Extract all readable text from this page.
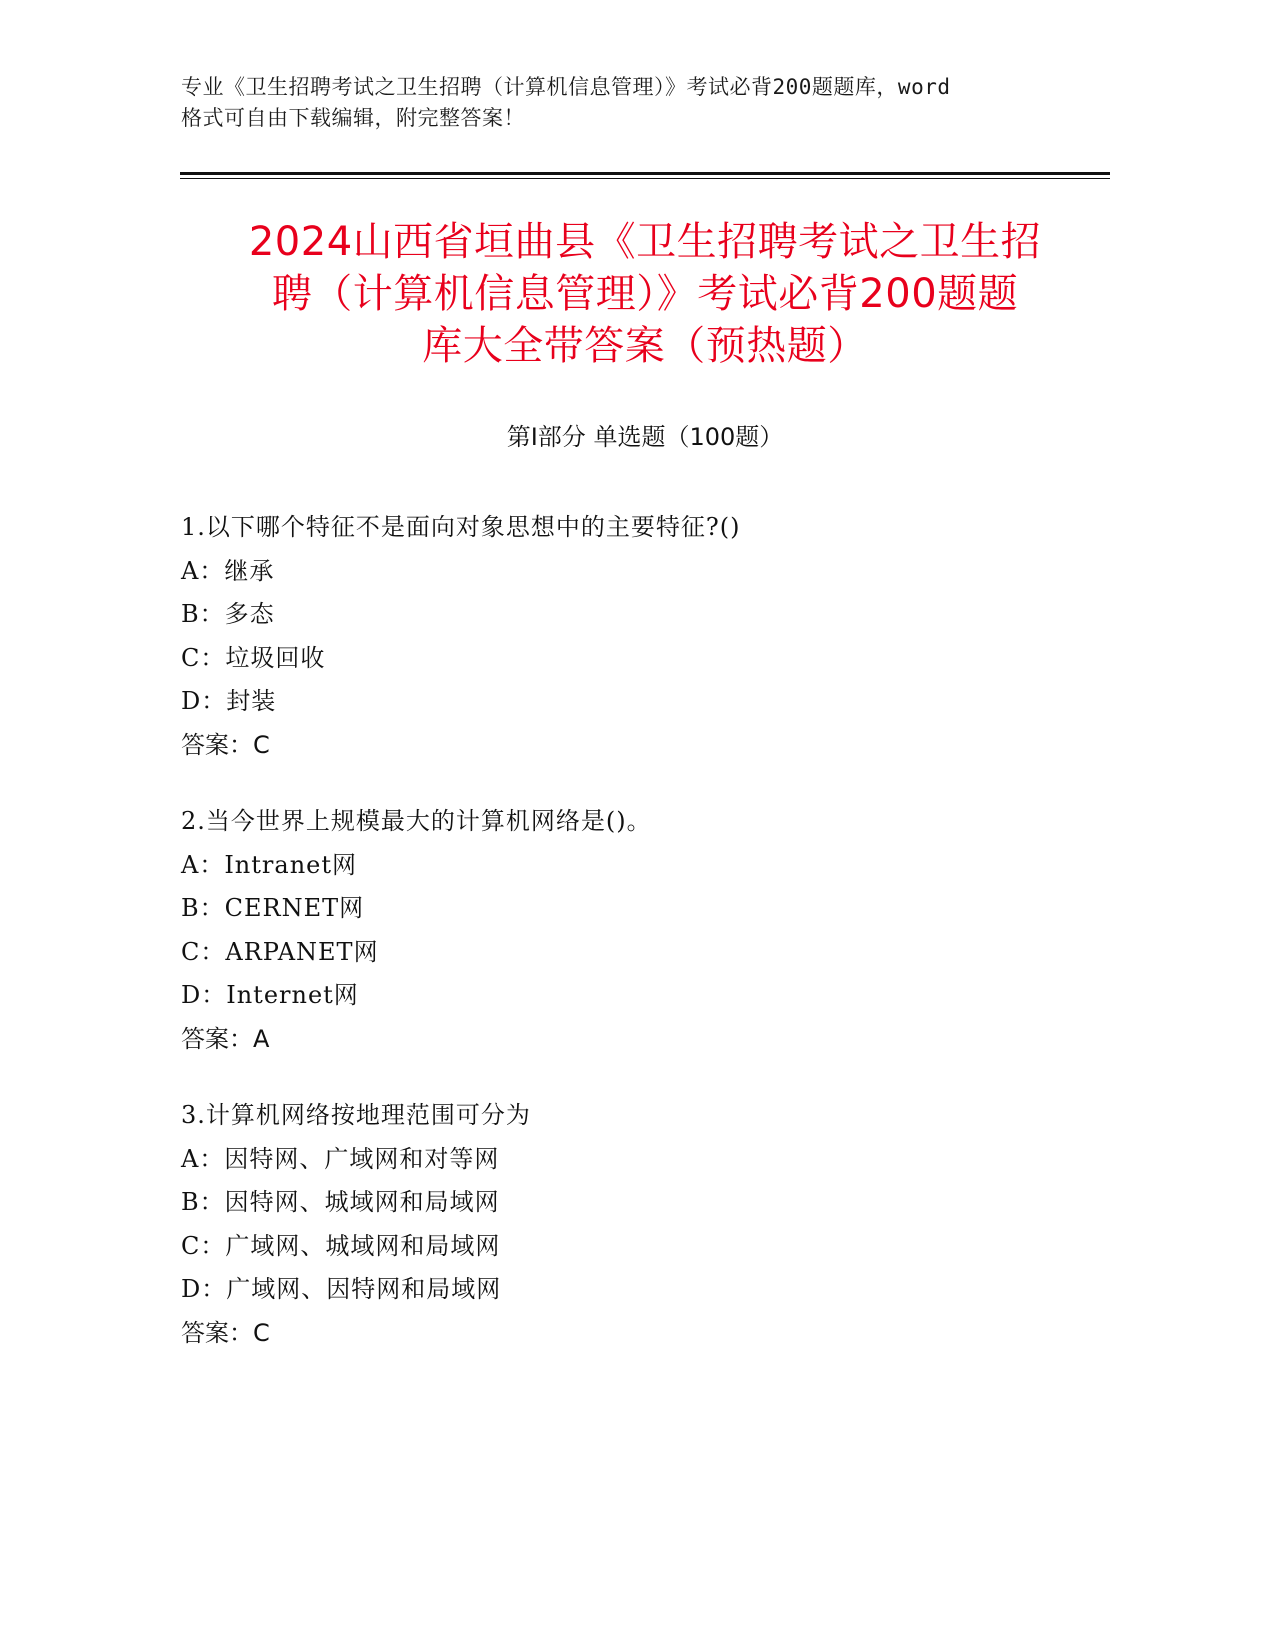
专业《卫生招聘考试之卫生招聘（计算机信息管理）》考试必背200题题库，word
格式可自由下载编辑，附完整答案！
2024山西省垣曲县《卫生招聘考试之卫生招
聘（计算机信息管理）》考试必背200题题
库大全带答案（预热题）
第Ⅰ部分 单选题（100题）
1.以下哪个特征不是面向对象思想中的主要特征?()
A：继承
B：多态
C：垃圾回收
D：封装
答案：C
2.当今世界上规模最大的计算机网络是()。
A：Intranet网
B：CERNET网
C：ARPANET网
D：Internet网
答案：A
3.计算机网络按地理范围可分为
A：因特网、广域网和对等网
B：因特网、城域网和局域网
C：广域网、城域网和局域网
D：广域网、因特网和局域网
答案：C
